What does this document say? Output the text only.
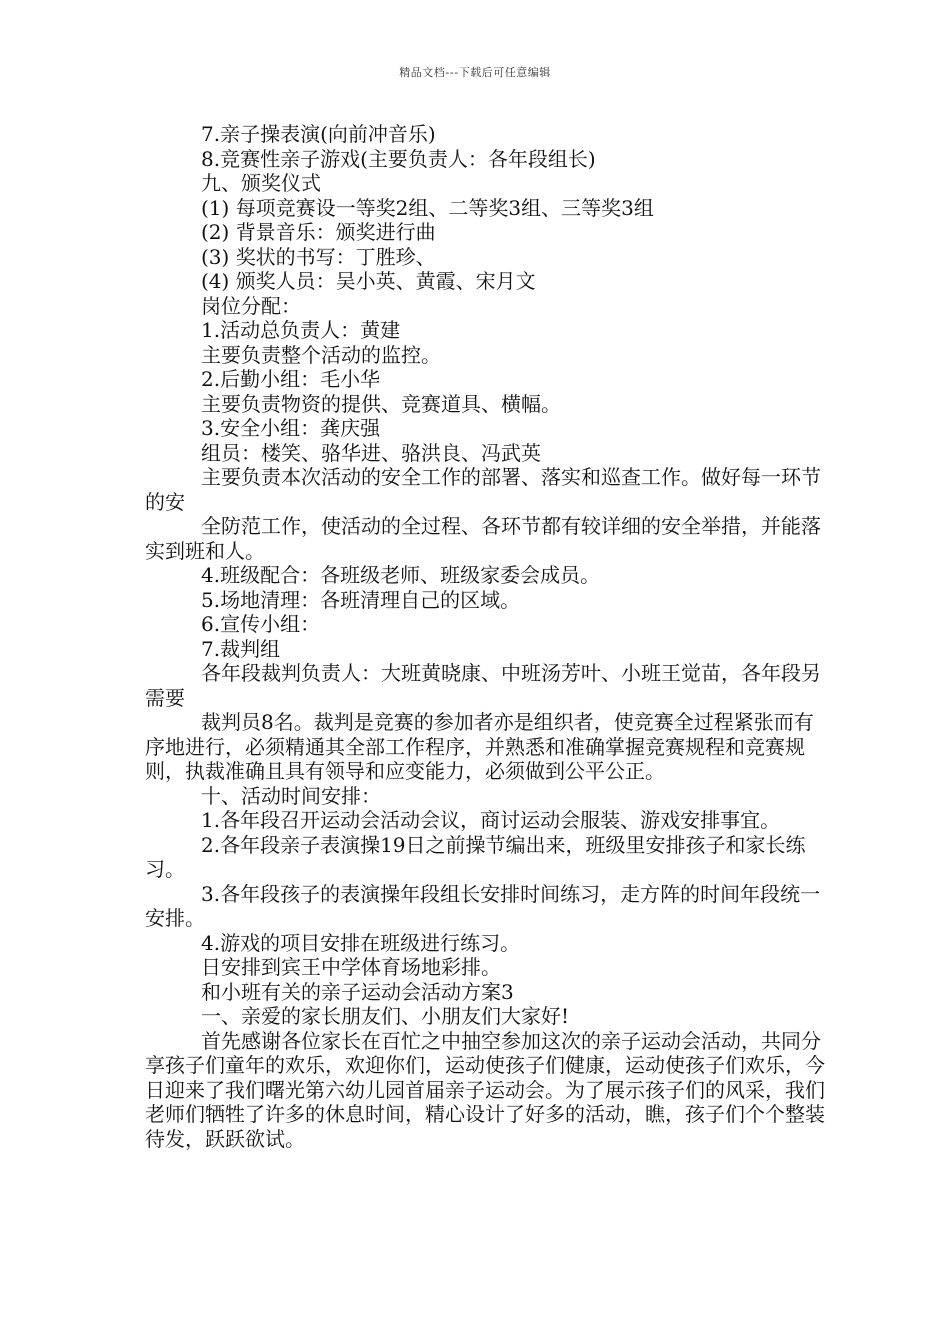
精品文档---下载后可任意编辑

7.亲子操表演(向前冲音乐)

8.竞赛性亲子游戏(主要负责人：各年段组长)

九、颁奖仪式

(1) 每项竞赛设一等奖2组、二等奖3组、三等奖3组

(2) 背景音乐：颁奖进行曲

(3) 奖状的书写：丁胜珍、

(4) 颁奖人员：吴小英、黄霞、宋月文

岗位分配：

1.活动总负责人：黄建

主要负责整个活动的监控。

2.后勤小组：毛小华

主要负责物资的提供、竞赛道具、横幅。

3.安全小组：龚庆强

组员：楼笑、骆华进、骆洪良、冯武英

主要负责本次活动的安全工作的部署、落实和巡查工作。做好每一环节的安

全防范工作，使活动的全过程、各环节都有较详细的安全举措，并能落实到班和人。

4.班级配合：各班级老师、班级家委会成员。

5.场地清理：各班清理自己的区域。

6.宣传小组：

7.裁判组

各年段裁判负责人：大班黄晓康、中班汤芳叶、小班王觉苗，各年段另需要

裁判员8名。裁判是竞赛的参加者亦是组织者，使竞赛全过程紧张而有序地进行，必须精通其全部工作程序，并熟悉和准确掌握竞赛规程和竞赛规则，执裁准确且具有领导和应变能力，必须做到公平公正。

十、活动时间安排：

1.各年段召开运动会活动会议，商讨运动会服装、游戏安排事宜。

2.各年段亲子表演操19日之前操节编出来，班级里安排孩子和家长练习。

3.各年段孩子的表演操年段组长安排时间练习，走方阵的时间年段统一安排。

4.游戏的项目安排在班级进行练习。

日安排到宾王中学体育场地彩排。

和小班有关的亲子运动会活动方案3

一、亲爱的家长朋友们、小朋友们大家好!

首先感谢各位家长在百忙之中抽空参加这次的亲子运动会活动，共同分享孩子们童年的欢乐，欢迎你们，运动使孩子们健康，运动使孩子们欢乐，今日迎来了我们曙光第六幼儿园首届亲子运动会。为了展示孩子们的风采，我们老师们牺牲了许多的休息时间，精心设计了好多的活动，瞧，孩子们个个整装待发，跃跃欲试。
